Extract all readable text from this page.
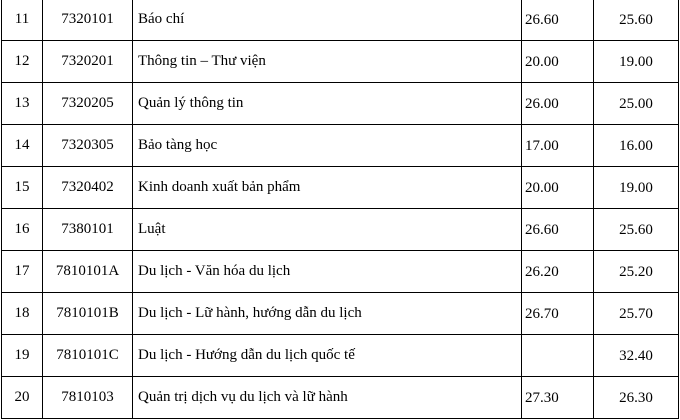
11	7320101	Báo chí	26.60	25.60
12	7320201	Thông tin – Thư viện	20.00	19.00
13	7320205	Quản lý thông tin	26.00	25.00
14	7320305	Bảo tàng học	17.00	16.00
15	7320402	Kinh doanh xuất bản phẩm	20.00	19.00
16	7380101	Luật	26.60	25.60
17	7810101A	Du lịch - Văn hóa du lịch	26.20	25.20
18	7810101B	Du lịch - Lữ hành, hướng dẫn du lịch	26.70	25.70
19	7810101C	Du lịch - Hướng dẫn du lịch quốc tế		32.40
20	7810103	Quản trị dịch vụ du lịch và lữ hành	27.30	26.30
